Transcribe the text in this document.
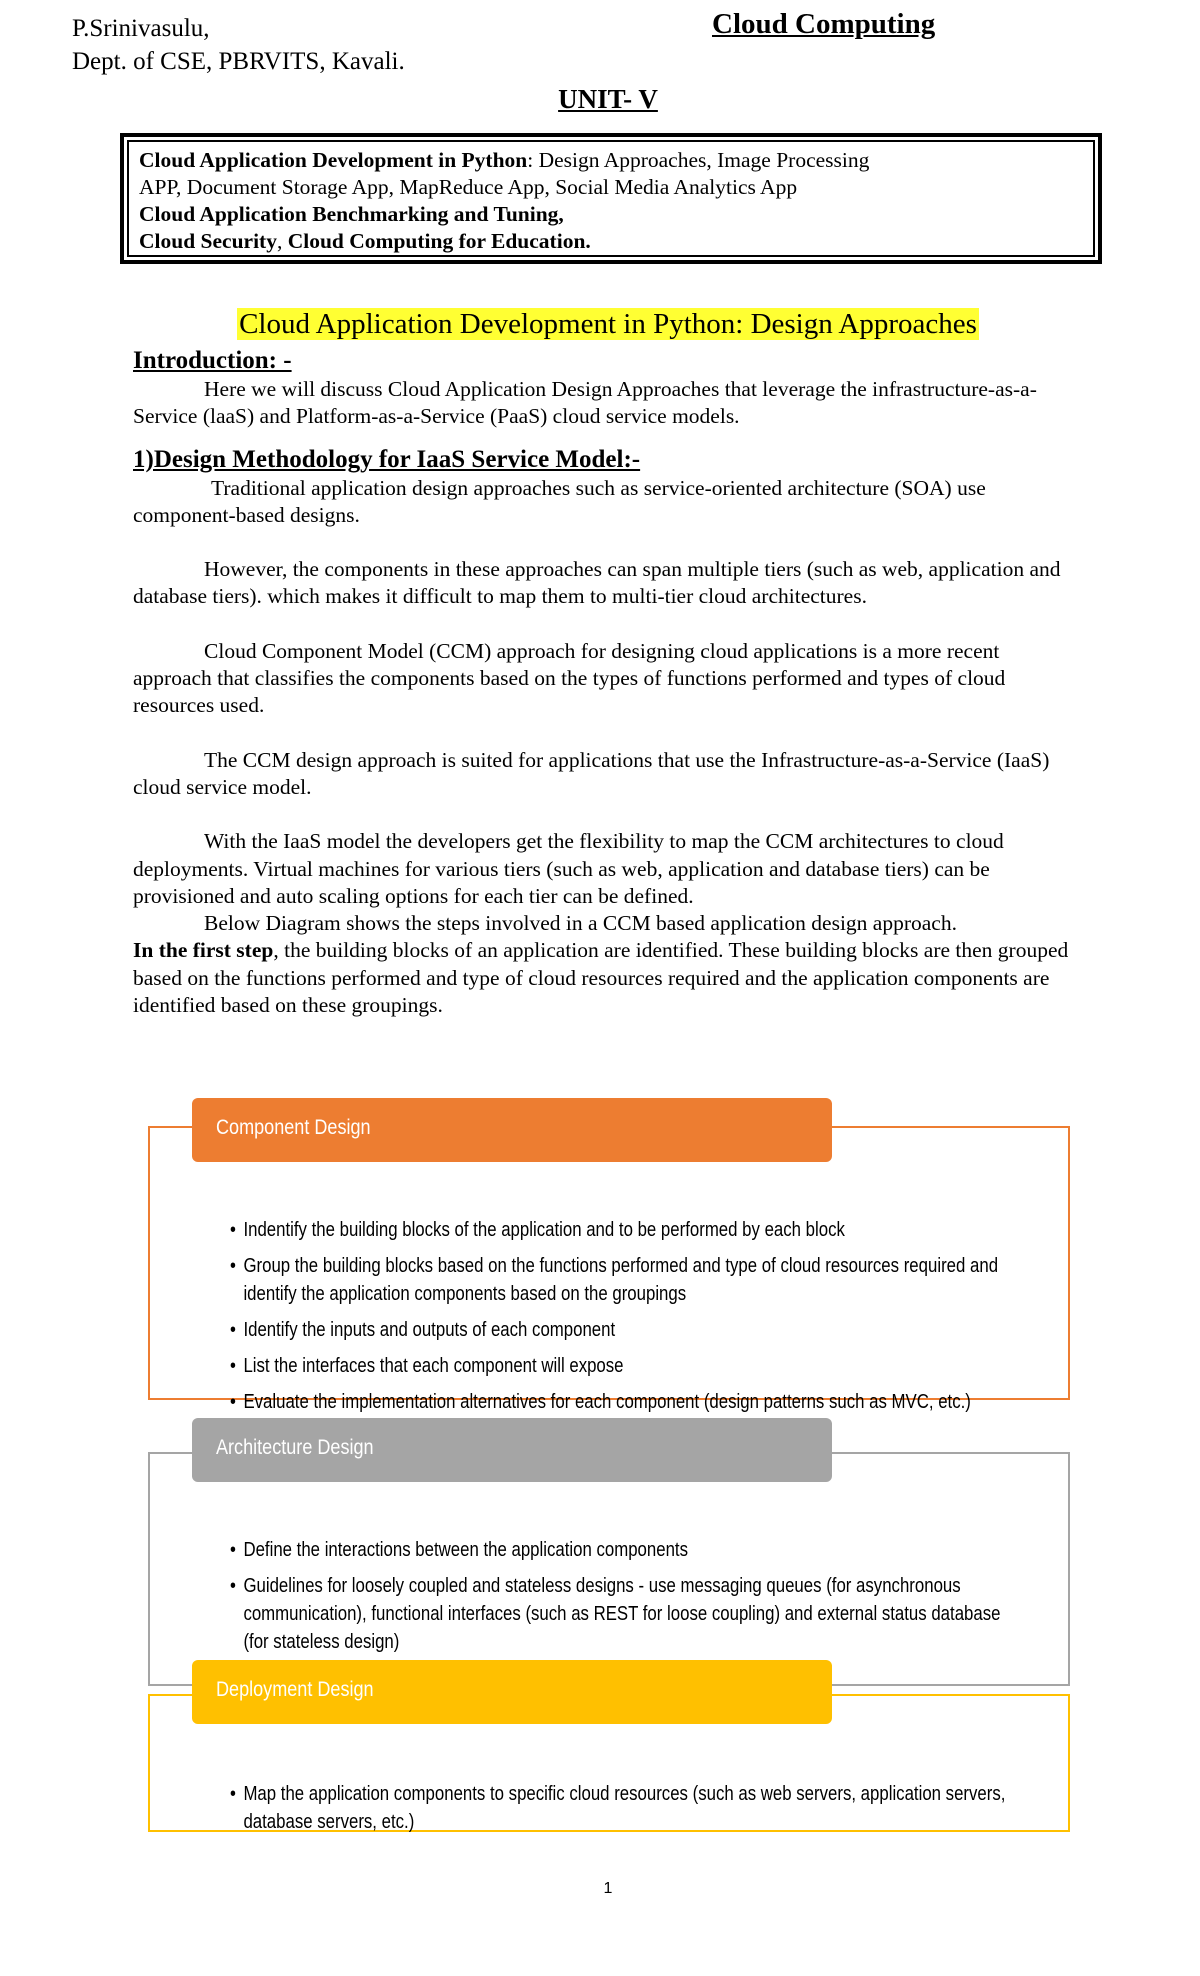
P.Srinivasulu,
Dept. of CSE, PBRVITS, Kavali.
Cloud Computing
UNIT- V
Cloud Application Development in Python: Design Approaches, Image Processing
APP, Document Storage App, MapReduce App, Social Media Analytics App
Cloud Application Benchmarking and Tuning,
Cloud Security, Cloud Computing for Education.
Cloud Application Development in Python: Design Approaches
Introduction: -

Here we will discuss Cloud Application Design Approaches that leverage the infrastructure-as-a-Service (laaS) and Platform-as-a-Service (PaaS) cloud service models.

1)Design Methodology for IaaS Service Model:-

Traditional application design approaches such as service-oriented architecture (SOA) use component-based designs.

However, the components in these approaches can span multiple tiers (such as web, application and database tiers). which makes it difficult to map them to multi-tier cloud architectures.

Cloud Component Model (CCM) approach for designing cloud applications is a more recent approach that classifies the components based on the types of functions performed and types of cloud resources used.

The CCM design approach is suited for applications that use the Infrastructure-as-a-Service (IaaS) cloud service model.

With the IaaS model the developers get the flexibility to map the CCM architectures to cloud deployments. Virtual machines for various tiers (such as web, application and database tiers) can be provisioned and auto scaling options for each tier can be defined.

Below Diagram shows the steps involved in a CCM based application design approach.

In the first step, the building blocks of an application are identified. These building blocks are then grouped based on the functions performed and type of cloud resources required and the application components are identified based on these groupings.

• Indentify the building blocks of the application and to be performed by each block
• Group the building blocks based on the functions performed and type of cloud resources required and identify the application components based on the groupings
• Identify the inputs and outputs of each component
• List the interfaces that each component will expose
• Evaluate the implementation alternatives for each component (design patterns such as MVC, etc.)
Component Design
• Define the interactions between the application components
• Guidelines for loosely coupled and stateless designs - use messaging queues (for asynchronous communication), functional interfaces (such as REST for loose coupling) and external status database (for stateless design)
Architecture Design
• Map the application components to specific cloud resources (such as web servers, application servers, database servers, etc.)
Deployment Design
1
